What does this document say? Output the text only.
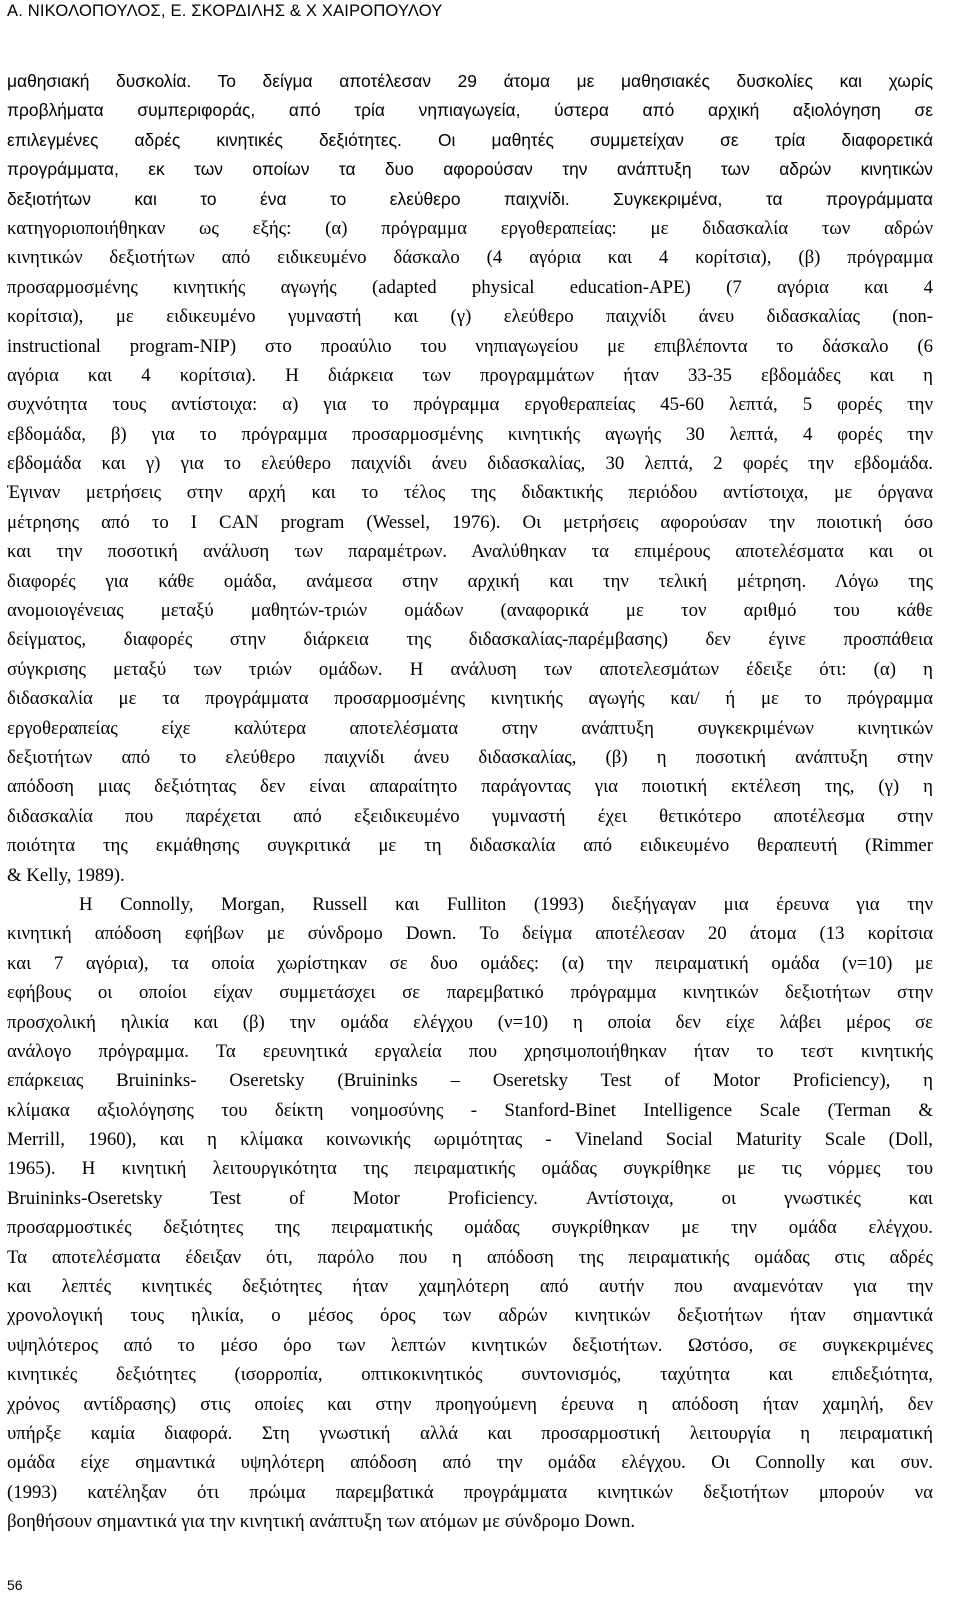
Α. ΝΙΚΟΛΟΠΟΥΛΟΣ, Ε. ΣΚΟΡΔΙΛΗΣ & Χ ΧΑΙΡΟΠΟΥΛΟΥ
μαθησιακή δυσκολία. Το δείγμα αποτέλεσαν 29 άτομα με μαθησιακές δυσκολίες και χωρίς
προβλήματα συμπεριφοράς, από τρία νηπιαγωγεία, ύστερα από αρχική αξιολόγηση σε
επιλεγμένες αδρές κινητικές δεξιότητες. Οι μαθητές συμμετείχαν σε τρία διαφορετικά
προγράμματα, εκ των οποίων τα δυο αφορούσαν την ανάπτυξη των αδρών κινητικών
δεξιοτήτων και το ένα το ελεύθερο παιχνίδι. Συγκεκριμένα, τα προγράμματα
κατηγοριοποιήθηκαν ως εξής: (α) πρόγραμμα εργοθεραπείας: με διδασκαλία των αδρών
κινητικών δεξιοτήτων από ειδικευμένο δάσκαλο (4 αγόρια και 4 κορίτσια), (β) πρόγραμμα
προσαρμοσμένης κινητικής αγωγής (adapted physical education-APE) (7 αγόρια και 4
κορίτσια), με ειδικευμένο γυμναστή και (γ) ελεύθερο παιχνίδι άνευ διδασκαλίας (non-
instructional program-NIP) στο προαύλιο του νηπιαγωγείου με επιβλέποντα το δάσκαλο (6
αγόρια και 4 κορίτσια). Η διάρκεια των προγραμμάτων ήταν 33-35 εβδομάδες και η
συχνότητα τους αντίστοιχα: α) για το πρόγραμμα εργοθεραπείας 45-60 λεπτά, 5 φορές την
εβδομάδα, β) για το πρόγραμμα προσαρμοσμένης κινητικής αγωγής 30 λεπτά, 4 φορές την
εβδομάδα και γ) για το ελεύθερο παιχνίδι άνευ διδασκαλίας, 30 λεπτά, 2 φορές την εβδομάδα.
Έγιναν μετρήσεις στην αρχή και το τέλος της διδακτικής περιόδου αντίστοιχα, με όργανα
μέτρησης από το I CAN program (Wessel, 1976). Οι μετρήσεις αφορούσαν την ποιοτική όσο
και την ποσοτική ανάλυση των παραμέτρων. Αναλύθηκαν τα επιμέρους αποτελέσματα και οι
διαφορές για κάθε ομάδα, ανάμεσα στην αρχική και την τελική μέτρηση. Λόγω της
ανομοιογένειας μεταξύ μαθητών-τριών ομάδων (αναφορικά με τον αριθμό του κάθε
δείγματος, διαφορές στην διάρκεια της διδασκαλίας-παρέμβασης) δεν έγινε προσπάθεια
σύγκρισης μεταξύ των τριών ομάδων. Η ανάλυση των αποτελεσμάτων έδειξε ότι: (α) η
διδασκαλία με τα προγράμματα προσαρμοσμένης κινητικής αγωγής και/ ή με το πρόγραμμα
εργοθεραπείας είχε καλύτερα αποτελέσματα στην ανάπτυξη συγκεκριμένων κινητικών
δεξιοτήτων από το ελεύθερο παιχνίδι άνευ διδασκαλίας, (β) η ποσοτική ανάπτυξη στην
απόδοση μιας δεξιότητας δεν είναι απαραίτητο παράγοντας για ποιοτική εκτέλεση της, (γ) η
διδασκαλία που παρέχεται από εξειδικευμένο γυμναστή έχει θετικότερο αποτέλεσμα στην
ποιότητα της εκμάθησης συγκριτικά με τη διδασκαλία από ειδικευμένο θεραπευτή (Rimmer
& Kelly, 1989).
Η Connolly, Morgan, Russell και Fulliton (1993) διεξήγαγαν μια έρευνα για την
κινητική απόδοση εφήβων με σύνδρομο Down. Το δείγμα αποτέλεσαν 20 άτομα (13 κορίτσια
και 7 αγόρια), τα οποία χωρίστηκαν σε δυο ομάδες: (α) την πειραματική ομάδα (ν=10) με
εφήβους οι οποίοι είχαν συμμετάσχει σε παρεμβατικό πρόγραμμα κινητικών δεξιοτήτων στην
προσχολική ηλικία και (β) την ομάδα ελέγχου (ν=10) η οποία δεν είχε λάβει μέρος σε
ανάλογο πρόγραμμα. Τα ερευνητικά εργαλεία που χρησιμοποιήθηκαν ήταν το τεστ κινητικής
επάρκειας Bruininks- Oseretsky (Bruininks – Oseretsky Test of Motor Proficiency), η
κλίμακα αξιολόγησης του δείκτη νοημοσύνης - Stanford-Binet Intelligence Scale (Terman &
Merrill, 1960), και η κλίμακα κοινωνικής ωριμότητας - Vineland Social Maturity Scale (Doll,
1965). Η κινητική λειτουργικότητα της πειραματικής ομάδας συγκρίθηκε με τις νόρμες του
Bruininks-Oseretsky Test of Motor Proficiency. Αντίστοιχα, οι γνωστικές και
προσαρμοστικές δεξιότητες της πειραματικής ομάδας συγκρίθηκαν με την ομάδα ελέγχου.
Τα αποτελέσματα έδειξαν ότι, παρόλο που η απόδοση της πειραματικής ομάδας στις αδρές
και λεπτές κινητικές δεξιότητες ήταν χαμηλότερη από αυτήν που αναμενόταν για την
χρονολογική τους ηλικία, ο μέσος όρος των αδρών κινητικών δεξιοτήτων ήταν σημαντικά
υψηλότερος από το μέσο όρο των λεπτών κινητικών δεξιοτήτων. Ωστόσο, σε συγκεκριμένες
κινητικές δεξιότητες (ισορροπία, οπτικοκινητικός συντονισμός, ταχύτητα και επιδεξιότητα,
χρόνος αντίδρασης) στις οποίες και στην προηγούμενη έρευνα η απόδοση ήταν χαμηλή, δεν
υπήρξε καμία διαφορά. Στη γνωστική αλλά και προσαρμοστική λειτουργία η πειραματική
ομάδα είχε σημαντικά υψηλότερη απόδοση από την ομάδα ελέγχου. Οι Connolly και συν.
(1993) κατέληξαν ότι πρώιμα παρεμβατικά προγράμματα κινητικών δεξιοτήτων μπορούν να
βοηθήσουν σημαντικά για την κινητική ανάπτυξη των ατόμων με σύνδρομο Down.
56
